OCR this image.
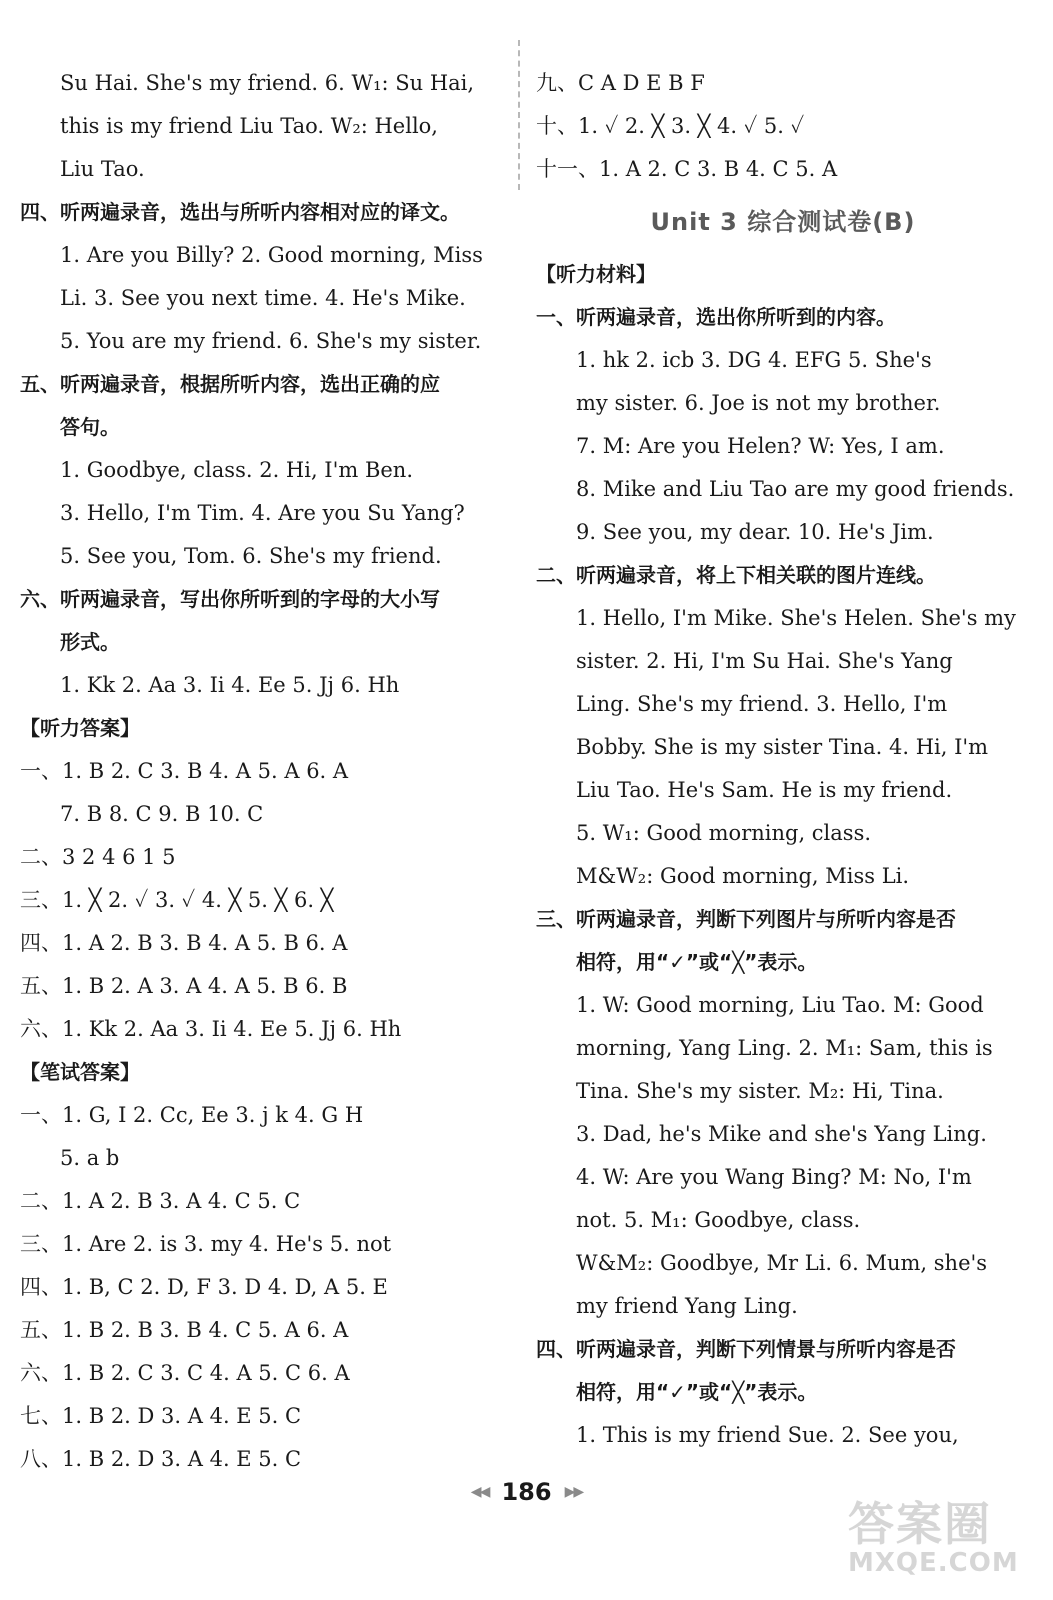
Su Hai. She's my friend. 6. W₁: Su Hai,
this is my friend Liu Tao. W₂: Hello,
Liu Tao.
四、听两遍录音，选出与所听内容相对应的译文。
1. Are you Billy? 2. Good morning, Miss
Li. 3. See you next time. 4. He's Mike.
5. You are my friend. 6. She's my sister.
五、听两遍录音，根据所听内容，选出正确的应
答句。
1. Goodbye, class. 2. Hi, I'm Ben.
3. Hello, I'm Tim. 4. Are you Su Yang?
5. See you, Tom. 6. She's my friend.
六、听两遍录音，写出你所听到的字母的大小写
形式。
1. Kk 2. Aa 3. Ii 4. Ee 5. Jj 6. Hh
【听力答案】
一、1. B 2. C 3. B 4. A 5. A 6. A
7. B 8. C 9. B 10. C
二、3 2 4 6 1 5
三、1. ╳ 2. ✓ 3. ✓ 4. ╳ 5. ╳ 6. ╳
四、1. A 2. B 3. B 4. A 5. B 6. A
五、1. B 2. A 3. A 4. A 5. B 6. B
六、1. Kk 2. Aa 3. Ii 4. Ee 5. Jj 6. Hh
【笔试答案】
一、1. G, I 2. Cc, Ee 3. j k 4. G H
5. a b
二、1. A 2. B 3. A 4. C 5. C
三、1. Are 2. is 3. my 4. He's 5. not
四、1. B, C 2. D, F 3. D 4. D, A 5. E
五、1. B 2. B 3. B 4. C 5. A 6. A
六、1. B 2. C 3. C 4. A 5. C 6. A
七、1. B 2. D 3. A 4. E 5. C
八、1. B 2. D 3. A 4. E 5. C
九、C A D E B F
十、1. ✓ 2. ╳ 3. ╳ 4. ✓ 5. ✓
十一、1. A 2. C 3. B 4. C 5. A
Unit 3 综合测试卷(B)
【听力材料】
一、听两遍录音，选出你所听到的内容。
1. hk 2. icb 3. DG 4. EFG 5. She's
my sister. 6. Joe is not my brother.
7. M: Are you Helen? W: Yes, I am.
8. Mike and Liu Tao are my good friends.
9. See you, my dear. 10. He's Jim.
二、听两遍录音，将上下相关联的图片连线。
1. Hello, I'm Mike. She's Helen. She's my
sister. 2. Hi, I'm Su Hai. She's Yang
Ling. She's my friend. 3. Hello, I'm
Bobby. She is my sister Tina. 4. Hi, I'm
Liu Tao. He's Sam. He is my friend.
5. W₁: Good morning, class.
M&W₂: Good morning, Miss Li.
三、听两遍录音，判断下列图片与所听内容是否
相符，用“✓”或“╳”表示。
1. W: Good morning, Liu Tao. M: Good
morning, Yang Ling. 2. M₁: Sam, this is
Tina. She's my sister. M₂: Hi, Tina.
3. Dad, he's Mike and she's Yang Ling.
4. W: Are you Wang Bing? M: No, I'm
not. 5. M₁: Goodbye, class.
W&M₂: Goodbye, Mr Li. 6. Mum, she's
my friend Yang Ling.
四、听两遍录音，判断下列情景与所听内容是否
相符，用“✓”或“╳”表示。
1. This is my friend Sue. 2. See you,
◀◀ 186 ▶▶
答案圈
MXQE.COM
